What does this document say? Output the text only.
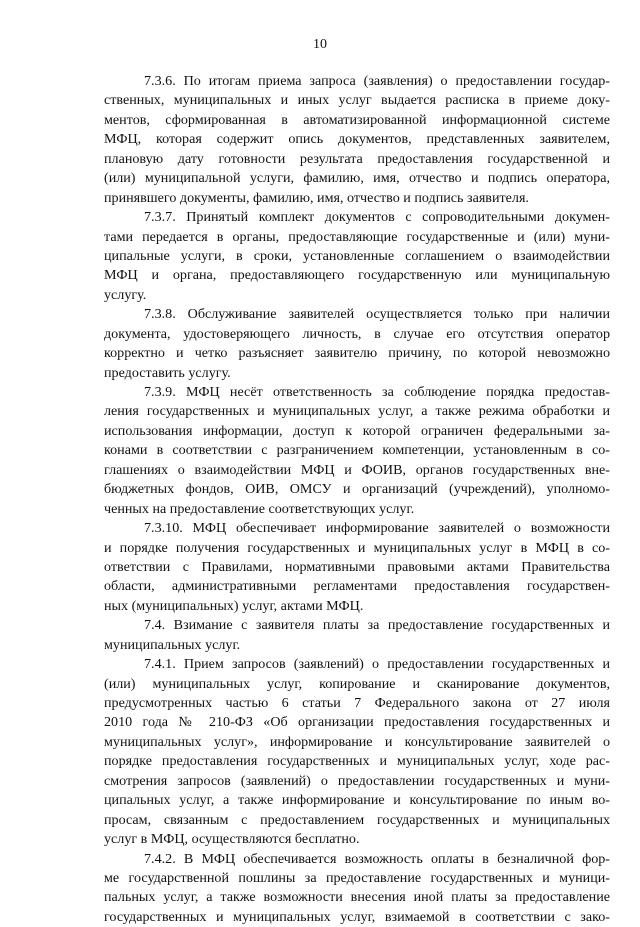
10
7.3.6. По итогам приема запроса (заявления) о предоставлении государ-
ственных, муниципальных и иных услуг выдается расписка в приеме доку-
ментов, сформированная в автоматизированной информационной системе
МФЦ, которая содержит опись документов, представленных заявителем,
плановую дату готовности результата предоставления государственной и
(или) муниципальной услуги, фамилию, имя, отчество и подпись оператора,
принявшего документы, фамилию, имя, отчество и подпись заявителя.
7.3.7. Принятый комплект документов с сопроводительными докумен-
тами передается в органы, предоставляющие государственные и (или) муни-
ципальные услуги, в сроки, установленные соглашением о взаимодействии
МФЦ и органа, предоставляющего государственную или муниципальную
услугу.
7.3.8. Обслуживание заявителей осуществляется только при наличии
документа, удостоверяющего личность, в случае его отсутствия оператор
корректно и четко разъясняет заявителю причину, по которой невозможно
предоставить услугу.
7.3.9. МФЦ несёт ответственность за соблюдение порядка предостав-
ления государственных и муниципальных услуг, а также режима обработки и
использования информации, доступ к которой ограничен федеральными за-
конами в соответствии с разграничением компетенции, установленным в со-
глашениях о взаимодействии МФЦ и ФОИВ, органов государственных вне-
бюджетных фондов, ОИВ, ОМСУ и организаций (учреждений), уполномо-
ченных на предоставление соответствующих услуг.
7.3.10. МФЦ обеспечивает информирование заявителей о возможности
и порядке получения государственных и муниципальных услуг в МФЦ в со-
ответствии с Правилами, нормативными правовыми актами Правительства
области, административными регламентами предоставления государствен-
ных (муниципальных) услуг, актами МФЦ.
7.4. Взимание с заявителя платы за предоставление государственных и
муниципальных услуг.
7.4.1. Прием запросов (заявлений) о предоставлении государственных и
(или) муниципальных услуг, копирование и сканирование документов,
предусмотренных частью 6 статьи 7 Федерального закона от 27 июля
2010 года № 210-ФЗ «Об организации предоставления государственных и
муниципальных услуг», информирование и консультирование заявителей о
порядке предоставления государственных и муниципальных услуг, ходе рас-
смотрения запросов (заявлений) о предоставлении государственных и муни-
ципальных услуг, а также информирование и консультирование по иным во-
просам, связанным с предоставлением государственных и муниципальных
услуг в МФЦ, осуществляются бесплатно.
7.4.2. В МФЦ обеспечивается возможность оплаты в безналичной фор-
ме государственной пошлины за предоставление государственных и муници-
пальных услуг, а также возможности внесения иной платы за предоставление
государственных и муниципальных услуг, взимаемой в соответствии с зако-
